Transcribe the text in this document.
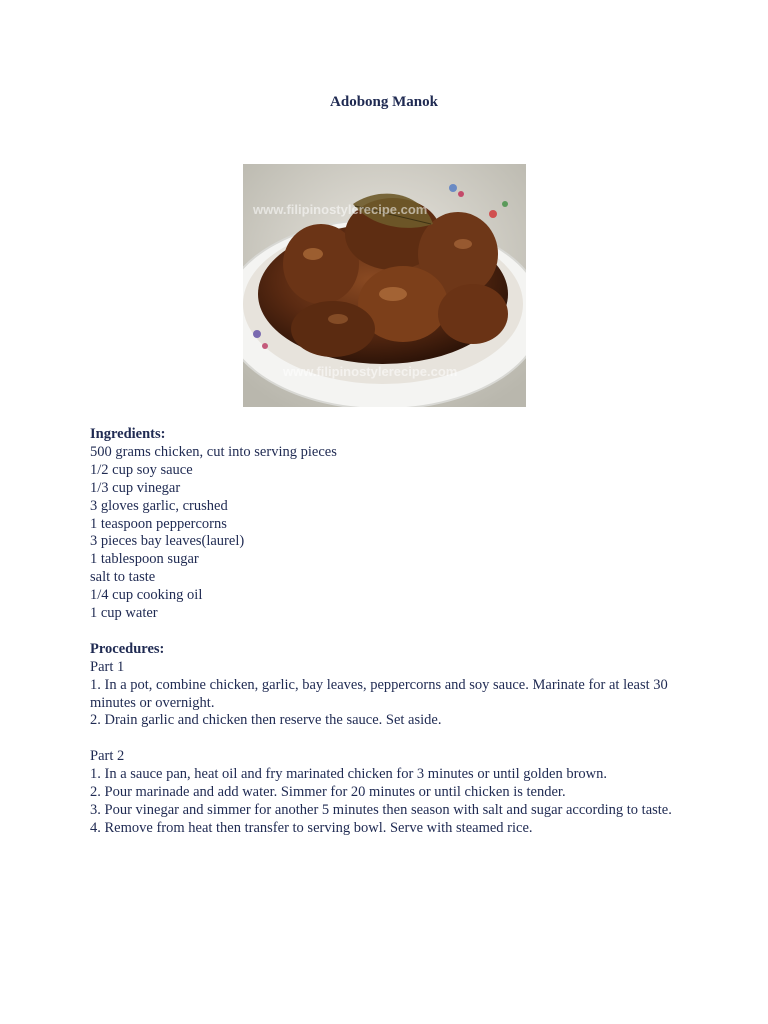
Adobong Manok
www.filipinostylerecipe.com
www.filipinostylerecipe.com
Ingredients:
500 grams chicken, cut into serving pieces
1/2 cup soy sauce
1/3 cup vinegar
3 gloves garlic, crushed
1 teaspoon peppercorns
3 pieces bay leaves(laurel)
1 tablespoon sugar
salt to taste
1/4 cup cooking oil
1 cup water
Procedures:
Part 1
1. In a pot, combine chicken, garlic, bay leaves, peppercorns and soy sauce. Marinate for at least 30 minutes or overnight.
2. Drain garlic and chicken then reserve the sauce. Set aside.
Part 2
1. In a sauce pan, heat oil and fry marinated chicken for 3 minutes or until golden brown.
2. Pour marinade and add water. Simmer for 20 minutes or until chicken is tender.
3. Pour vinegar and simmer for another 5 minutes then season with salt and sugar according to taste.
4. Remove from heat then transfer to serving bowl. Serve with steamed rice.
